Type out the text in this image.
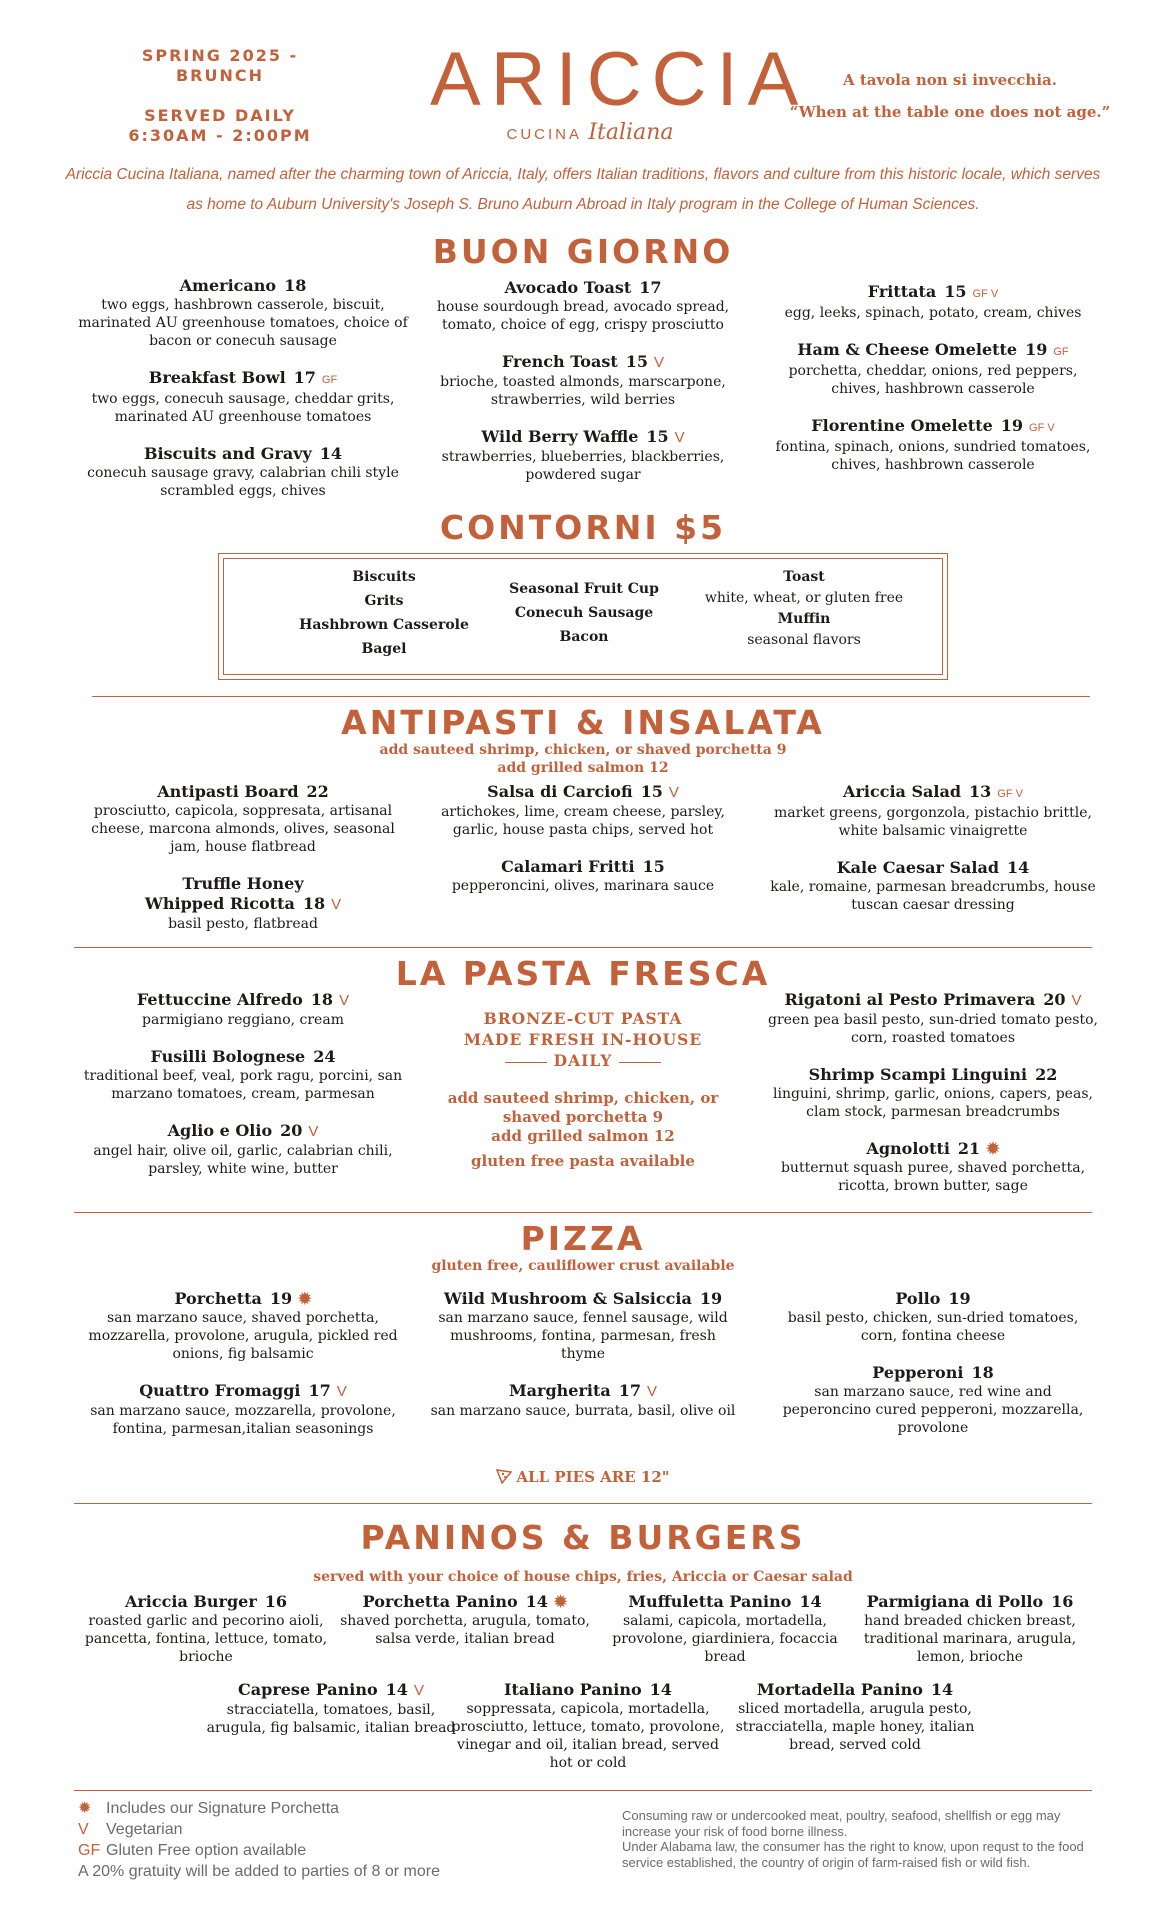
SPRING 2025 -
BRUNCH
SERVED DAILY
6:30AM - 2:00PM
ARICCIA
CUCINA Italiana
A tavola non si invecchia.
“When at the table one does not age.”
Ariccia Cucina Italiana, named after the charming town of Ariccia, Italy, offers Italian traditions, flavors and culture from this historic locale, which serves as home to Auburn University's Joseph S. Bruno Auburn Abroad in Italy program in the College of Human Sciences.
BUON GIORNO
Americano 18
two eggs, hashbrown casserole, biscuit, marinated AU greenhouse tomatoes, choice of bacon or conecuh sausage
Breakfast Bowl 17 GF
two eggs, conecuh sausage, cheddar grits, marinated AU greenhouse tomatoes
Biscuits and Gravy 14
conecuh sausage gravy, calabrian chili style scrambled eggs, chives
Avocado Toast 17
house sourdough bread, avocado spread, tomato, choice of egg, crispy prosciutto
French Toast 15 V
brioche, toasted almonds, marscarpone, strawberries, wild berries
Wild Berry Waffle 15 V
strawberries, blueberries, blackberries, powdered sugar
Frittata 15 GF V
egg, leeks, spinach, potato, cream, chives
Ham & Cheese Omelette 19 GF
porchetta, cheddar, onions, red peppers, chives, hashbrown casserole
Florentine Omelette 19 GF V
fontina, spinach, onions, sundried tomatoes, chives, hashbrown casserole
CONTORNI $5
Biscuits
Grits
Hashbrown Casserole
Bagel
Seasonal Fruit Cup
Conecuh Sausage
Bacon
Toast
white, wheat, or gluten free
Muffin
seasonal flavors
ANTIPASTI & INSALATA
add sauteed shrimp, chicken, or shaved porchetta 9
add grilled salmon 12
Antipasti Board 22
prosciutto, capicola, soppresata, artisanal cheese, marcona almonds, olives, seasonal jam, house flatbread
Truffle Honey
Whipped Ricotta 18 V
basil pesto, flatbread
Salsa di Carciofi 15 V
artichokes, lime, cream cheese, parsley, garlic, house pasta chips, served hot
Calamari Fritti 15
pepperoncini, olives, marinara sauce
Ariccia Salad 13 GF V
market greens, gorgonzola, pistachio brittle, white balsamic vinaigrette
Kale Caesar Salad 14
kale, romaine, parmesan breadcrumbs, house tuscan caesar dressing
LA PASTA FRESCA
Fettuccine Alfredo 18 V
parmigiano reggiano, cream
Fusilli Bolognese 24
traditional beef, veal, pork ragu, porcini, san marzano tomatoes, cream, parmesan
Aglio e Olio 20 V
angel hair, olive oil, garlic, calabrian chili, parsley, white wine, butter
BRONZE-CUT PASTA
MADE FRESH IN-HOUSE
DAILY
add sauteed shrimp, chicken, or
shaved porchetta 9
add grilled salmon 12
gluten free pasta available
Rigatoni al Pesto Primavera 20 V
green pea basil pesto, sun-dried tomato pesto, corn, roasted tomatoes
Shrimp Scampi Linguini 22
linguini, shrimp, garlic, onions, capers, peas, clam stock, parmesan breadcrumbs
Agnolotti 21 ✹
butternut squash puree, shaved porchetta, ricotta, brown butter, sage
PIZZA
gluten free, cauliflower crust available
Porchetta 19 ✹
san marzano sauce, shaved porchetta, mozzarella, provolone, arugula, pickled red onions, fig balsamic
Quattro Fromaggi 17 V
san marzano sauce, mozzarella, provolone, fontina, parmesan,italian seasonings
Wild Mushroom & Salsiccia 19
san marzano sauce, fennel sausage, wild mushrooms, fontina, parmesan, fresh thyme
Margherita 17 V
san marzano sauce, burrata, basil, olive oil
Pollo 19
basil pesto, chicken, sun-dried tomatoes, corn, fontina cheese
Pepperoni 18
san marzano sauce, red wine and peperoncino cured pepperoni, mozzarella, provolone
ALL PIES ARE 12"
PANINOS & BURGERS
served with your choice of house chips, fries, Ariccia or Caesar salad
Ariccia Burger 16
roasted garlic and pecorino aioli, pancetta, fontina, lettuce, tomato, brioche
Porchetta Panino 14 ✹
shaved porchetta, arugula, tomato, salsa verde, italian bread
Muffuletta Panino 14
salami, capicola, mortadella, provolone, giardiniera, focaccia bread
Parmigiana di Pollo 16
hand breaded chicken breast, traditional marinara, arugula, lemon, brioche
Caprese Panino 14 V
stracciatella, tomatoes, basil, arugula, fig balsamic, italian bread
Italiano Panino 14
soppressata, capicola, mortadella, prosciutto, lettuce, tomato, provolone, vinegar and oil, italian bread, served hot or cold
Mortadella Panino 14
sliced mortadella, arugula pesto, stracciatella, maple honey, italian bread, served cold
✹ Includes our Signature Porchetta
V Vegetarian
GF Gluten Free option available
A 20% gratuity will be added to parties of 8 or more
Consuming raw or undercooked meat, poultry, seafood, shellfish or egg may increase your risk of food borne illness.
Under Alabama law, the consumer has the right to know, upon requst to the food service established, the country of origin of farm-raised fish or wild fish.
